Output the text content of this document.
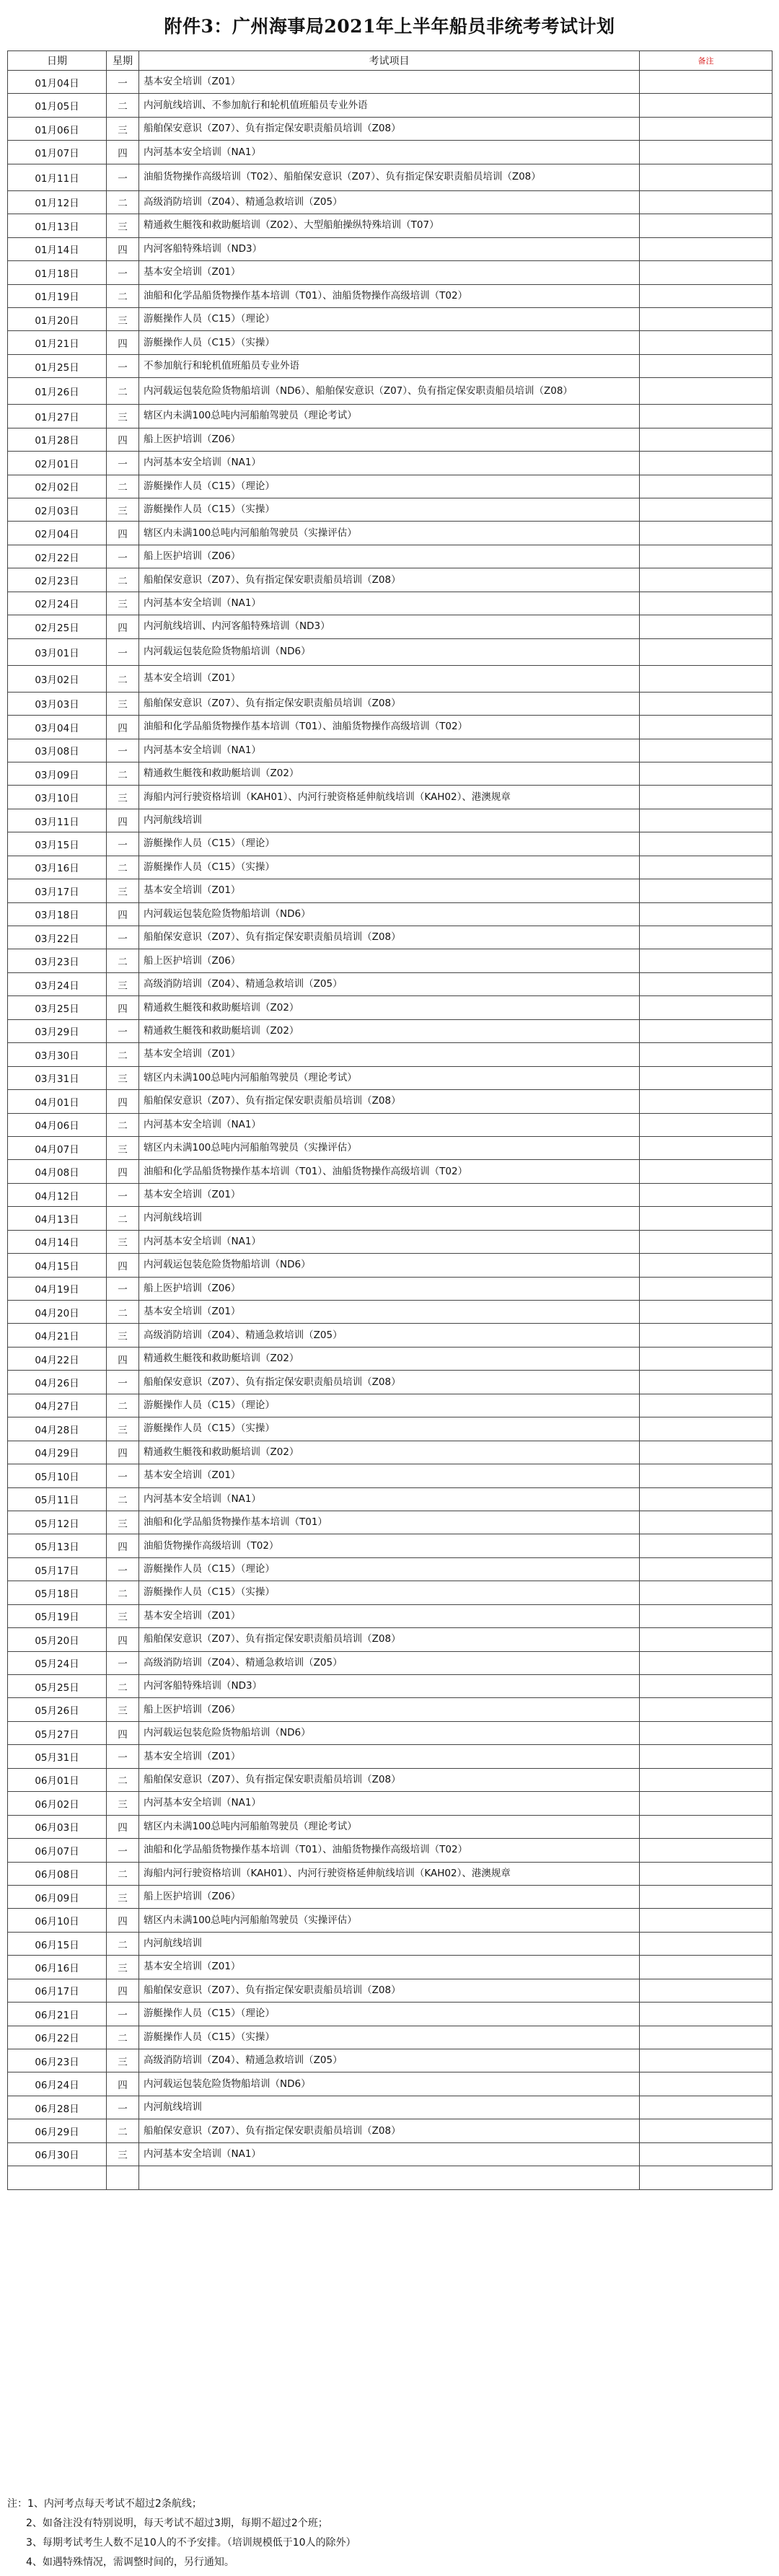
附件3：广州海事局2021年上半年船员非统考考试计划
日期	星期	考试项目	备注
01月04日	一	基本安全培训（Z01）	
01月05日	二	内河航线培训、不参加航行和轮机值班船员专业外语	
01月06日	三	船舶保安意识（Z07）、负有指定保安职责船员培训（Z08）	
01月07日	四	内河基本安全培训（NA1）	
01月11日	一	油船货物操作高级培训（T02）、船舶保安意识（Z07）、负有指定保安职责船员培训（Z08）	
01月12日	二	高级消防培训（Z04）、精通急救培训（Z05）	
01月13日	三	精通救生艇筏和救助艇培训（Z02）、大型船舶操纵特殊培训（T07）	
01月14日	四	内河客船特殊培训（ND3）	
01月18日	一	基本安全培训（Z01）	
01月19日	二	油船和化学品船货物操作基本培训（T01）、油船货物操作高级培训（T02）	
01月20日	三	游艇操作人员（C15）（理论）	
01月21日	四	游艇操作人员（C15）（实操）	
01月25日	一	不参加航行和轮机值班船员专业外语	
01月26日	二	内河载运包装危险货物船培训（ND6）、船舶保安意识（Z07）、负有指定保安职责船员培训（Z08）	
01月27日	三	辖区内未满100总吨内河船舶驾驶员（理论考试）	
01月28日	四	船上医护培训（Z06）	
02月01日	一	内河基本安全培训（NA1）	
02月02日	二	游艇操作人员（C15）（理论）	
02月03日	三	游艇操作人员（C15）（实操）	
02月04日	四	辖区内未满100总吨内河船舶驾驶员（实操评估）	
02月22日	一	船上医护培训（Z06）	
02月23日	二	船舶保安意识（Z07）、负有指定保安职责船员培训（Z08）	
02月24日	三	内河基本安全培训（NA1）	
02月25日	四	内河航线培训、内河客船特殊培训（ND3）	
03月01日	一	内河载运包装危险货物船培训（ND6）	
03月02日	二	基本安全培训（Z01）	
03月03日	三	船舶保安意识（Z07）、负有指定保安职责船员培训（Z08）	
03月04日	四	油船和化学品船货物操作基本培训（T01）、油船货物操作高级培训（T02）	
03月08日	一	内河基本安全培训（NA1）	
03月09日	二	精通救生艇筏和救助艇培训（Z02）	
03月10日	三	海船内河行驶资格培训（KAH01）、内河行驶资格延伸航线培训（KAH02）、港澳规章	
03月11日	四	内河航线培训	
03月15日	一	游艇操作人员（C15）（理论）	
03月16日	二	游艇操作人员（C15）（实操）	
03月17日	三	基本安全培训（Z01）	
03月18日	四	内河载运包装危险货物船培训（ND6）	
03月22日	一	船舶保安意识（Z07）、负有指定保安职责船员培训（Z08）	
03月23日	二	船上医护培训（Z06）	
03月24日	三	高级消防培训（Z04）、精通急救培训（Z05）	
03月25日	四	精通救生艇筏和救助艇培训（Z02）	
03月29日	一	精通救生艇筏和救助艇培训（Z02）	
03月30日	二	基本安全培训（Z01）	
03月31日	三	辖区内未满100总吨内河船舶驾驶员（理论考试）	
04月01日	四	船舶保安意识（Z07）、负有指定保安职责船员培训（Z08）	
04月06日	二	内河基本安全培训（NA1）	
04月07日	三	辖区内未满100总吨内河船舶驾驶员（实操评估）	
04月08日	四	油船和化学品船货物操作基本培训（T01）、油船货物操作高级培训（T02）	
04月12日	一	基本安全培训（Z01）	
04月13日	二	内河航线培训	
04月14日	三	内河基本安全培训（NA1）	
04月15日	四	内河载运包装危险货物船培训（ND6）	
04月19日	一	船上医护培训（Z06）	
04月20日	二	基本安全培训（Z01）	
04月21日	三	高级消防培训（Z04）、精通急救培训（Z05）	
04月22日	四	精通救生艇筏和救助艇培训（Z02）	
04月26日	一	船舶保安意识（Z07）、负有指定保安职责船员培训（Z08）	
04月27日	二	游艇操作人员（C15）（理论）	
04月28日	三	游艇操作人员（C15）（实操）	
04月29日	四	精通救生艇筏和救助艇培训（Z02）	
05月10日	一	基本安全培训（Z01）	
05月11日	二	内河基本安全培训（NA1）	
05月12日	三	油船和化学品船货物操作基本培训（T01）	
05月13日	四	油船货物操作高级培训（T02）	
05月17日	一	游艇操作人员（C15）（理论）	
05月18日	二	游艇操作人员（C15）（实操）	
05月19日	三	基本安全培训（Z01）	
05月20日	四	船舶保安意识（Z07）、负有指定保安职责船员培训（Z08）	
05月24日	一	高级消防培训（Z04）、精通急救培训（Z05）	
05月25日	二	内河客船特殊培训（ND3）	
05月26日	三	船上医护培训（Z06）	
05月27日	四	内河载运包装危险货物船培训（ND6）	
05月31日	一	基本安全培训（Z01）	
06月01日	二	船舶保安意识（Z07）、负有指定保安职责船员培训（Z08）	
06月02日	三	内河基本安全培训（NA1）	
06月03日	四	辖区内未满100总吨内河船舶驾驶员（理论考试）	
06月07日	一	油船和化学品船货物操作基本培训（T01）、油船货物操作高级培训（T02）	
06月08日	二	海船内河行驶资格培训（KAH01）、内河行驶资格延伸航线培训（KAH02）、港澳规章	
06月09日	三	船上医护培训（Z06）	
06月10日	四	辖区内未满100总吨内河船舶驾驶员（实操评估）	
06月15日	二	内河航线培训	
06月16日	三	基本安全培训（Z01）	
06月17日	四	船舶保安意识（Z07）、负有指定保安职责船员培训（Z08）	
06月21日	一	游艇操作人员（C15）（理论）	
06月22日	二	游艇操作人员（C15）（实操）	
06月23日	三	高级消防培训（Z04）、精通急救培训（Z05）	
06月24日	四	内河载运包装危险货物船培训（ND6）	
06月28日	一	内河航线培训	
06月29日	二	船舶保安意识（Z07）、负有指定保安职责船员培训（Z08）	
06月30日	三	内河基本安全培训（NA1）	

注：1、内河考点每天考试不超过2条航线；
2、如备注没有特别说明，每天考试不超过3期，每期不超过2个班；
3、每期考试考生人数不足10人的不予安排。（培训规模低于10人的除外）
4、如遇特殊情况，需调整时间的，另行通知。
